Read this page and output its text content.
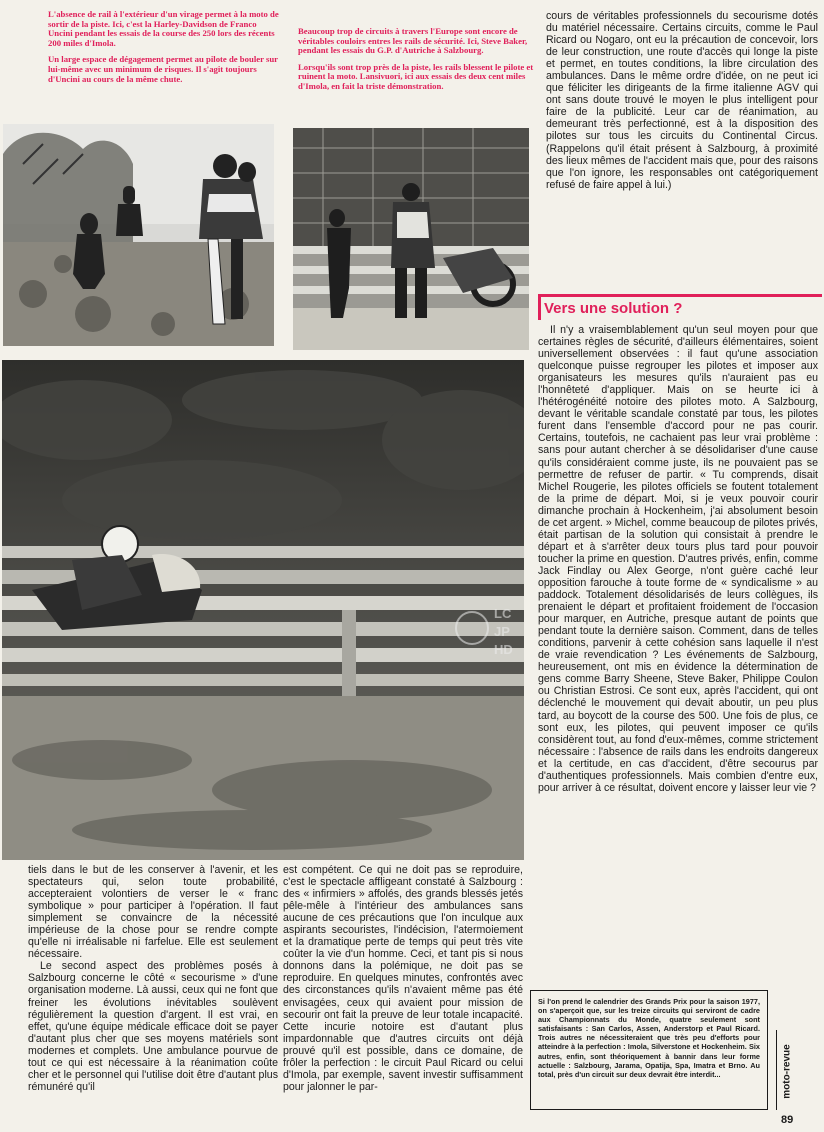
L'absence de rail à l'extérieur d'un virage permet à la moto de sortir de la piste. Ici, c'est la Harley-Davidson de Franco Uncini pendant les essais de la course des 250 lors des récents 200 miles d'Imola.

Un large espace de dégagement permet au pilote de bouler sur lui-même avec un minimum de risques. Il s'agit toujours d'Uncini au cours de la même chute.

Beaucoup trop de circuits à travers l'Europe sont encore de véritables couloirs entres les rails de sécurité. Ici, Steve Baker, pendant les essais du G.P. d'Autriche à Salzbourg.

Lorsqu'ils sont trop près de la piste, les rails blessent le pilote et ruinent la moto. Lansivuori, ici aux essais des deux cent miles d'Imola, en fait la triste démonstration.

LC
JP
HD

cours de véritables professionnels du secourisme dotés du matériel nécessaire. Certains circuits, comme le Paul Ricard ou Nogaro, ont eu la précaution de concevoir, lors de leur construction, une route d'accès qui longe la piste et permet, en toutes conditions, la libre circulation des ambulances. Dans le même ordre d'idée, on ne peut ici que féliciter les dirigeants de la firme italienne AGV qui ont sans doute trouvé le moyen le plus intelligent pour faire de la publicité. Leur car de réanimation, au demeurant très perfectionné, est à la disposition des pilotes sur tous les circuits du Continental Circus. (Rappelons qu'il était présent à Salzbourg, à proximité des lieux mêmes de l'accident mais que, pour des raisons que l'on ignore, les responsables ont catégoriquement refusé de faire appel à lui.)

Vers une solution ?

Il n'y a vraisemblablement qu'un seul moyen pour que certaines règles de sécurité, d'ailleurs élémentaires, soient universellement observées : il faut qu'une association quelconque puisse regrouper les pilotes et imposer aux organisateurs les mesures qu'ils n'auraient pas eu l'honnêteté d'appliquer. Mais on se heurte ici à l'hétérogénéité notoire des pilotes moto. A Salzbourg, devant le véritable scandale constaté par tous, les pilotes furent dans l'ensemble d'accord pour ne pas courir. Certains, toutefois, ne cachaient pas leur vrai problème : sans pour autant chercher à se désolidariser d'une cause qu'ils considéraient comme juste, ils ne pouvaient pas se permettre de refuser de partir. « Tu comprends, disait Michel Rougerie, les pilotes officiels se foutent totalement de la prime de départ. Moi, si je veux pouvoir courir dimanche prochain à Hockenheim, j'ai absolument besoin de cet argent. » Michel, comme beaucoup de pilotes privés, était partisan de la solution qui consistait à prendre le départ et à s'arrêter deux tours plus tard pour pouvoir toucher la prime en question. D'autres privés, enfin, comme Jack Findlay ou Alex George, n'ont guère caché leur opposition farouche à toute forme de « syndicalisme » au paddock. Totalement désolidarisés de leurs collègues, ils prenaient le départ et profitaient froidement de l'occasion pour marquer, en Autriche, presque autant de points que pendant toute la dernière saison. Comment, dans de telles conditions, parvenir à cette cohésion sans laquelle il n'est de vraie revendication ? Les événements de Salzbourg, heureusement, ont mis en évidence la détermination de gens comme Barry Sheene, Steve Baker, Philippe Coulon ou Christian Estrosi. Ce sont eux, après l'accident, qui ont déclenché le mouvement qui devait aboutir, un peu plus tard, au boycott de la course des 500. Une fois de plus, ce sont eux, les pilotes, qui peuvent imposer ce qu'ils considèrent tout, au fond d'eux-mêmes, comme strictement nécessaire : l'absence de rails dans les endroits dangereux et la certitude, en cas d'accident, d'être secourus par d'authentiques professionnels. Mais combien d'entre eux, pour arriver à ce résultat, doivent encore y laisser leur vie ?

tiels dans le but de les conserver à l'avenir, et les spectateurs qui, selon toute probabilité, accepteraient volontiers de verser le « franc symbolique » pour participer à l'opération. Il faut simplement se convaincre de la nécessité impérieuse de la chose pour se rendre compte qu'elle ni irréalisable ni farfelue. Elle est seulement nécessaire.

Le second aspect des problèmes posés à Salzbourg concerne le côté « secourisme » d'une organisation moderne. Là aussi, ceux qui ne font que freiner les évolutions inévitables soulèvent régulièrement la question d'argent. Il est vrai, en effet, qu'une équipe médicale efficace doit se payer d'autant plus cher que ses moyens matériels sont modernes et complets. Une ambulance pourvue de tout ce qui est nécessaire à la réanimation coûte cher et le personnel qui l'utilise doit être d'autant plus rémunéré qu'il

est compétent. Ce qui ne doit pas se reproduire, c'est le spectacle affligeant constaté à Salzbourg : des « infirmiers » affolés, des grands blessés jetés pêle-mêle à l'intérieur des ambulances sans aucune de ces précautions que l'on inculque aux aspirants secouristes, l'indécision, l'atermoiement et la dramatique perte de temps qui peut très vite coûter la vie d'un homme. Ceci, et tant pis si nous donnons dans la polémique, ne doit pas se reproduire. En quelques minutes, confrontés avec des circonstances qu'ils n'avaient même pas été envisagées, ceux qui avaient pour mission de secourir ont fait la preuve de leur totale incapacité. Cette incurie notoire est d'autant plus impardonnable que d'autres circuits ont déjà prouvé qu'il est possible, dans ce domaine, de frôler la perfection : le circuit Paul Ricard ou celui d'Imola, par exemple, savent investir suffisamment pour jalonner le par-

Si l'on prend le calendrier des Grands Prix pour la saison 1977, on s'aperçoit que, sur les treize circuits qui serviront de cadre aux Championnats du Monde, quatre seulement sont satisfaisants : San Carlos, Assen, Anderstorp et Paul Ricard. Trois autres ne nécessiteraient que très peu d'efforts pour atteindre à la perfection : Imola, Silverstone et Hockenheim. Six autres, enfin, sont théoriquement à bannir dans leur forme actuelle : Salzbourg, Jarama, Opatija, Spa, Imatra et Brno. Au total, près d'un circuit sur deux devrait être interdit...	moto-revue
89
